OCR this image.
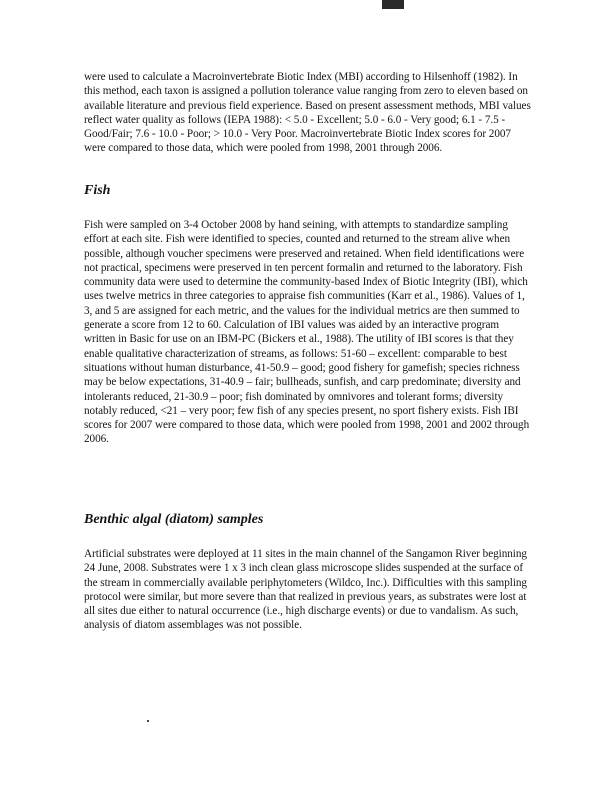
were used to calculate a Macroinvertebrate Biotic Index (MBI) according to Hilsenhoff (1982). In this method, each taxon is assigned a pollution tolerance value ranging from zero to eleven based on available literature and previous field experience. Based on present assessment methods, MBI values reflect water quality as follows (IEPA 1988): < 5.0 - Excellent; 5.0 - 6.0 - Very good; 6.1 - 7.5 - Good/Fair; 7.6 - 10.0 - Poor; > 10.0 - Very Poor. Macroinvertebrate Biotic Index scores for 2007 were compared to those data, which were pooled from 1998, 2001 through 2006.

Fish

Fish were sampled on 3-4 October 2008 by hand seining, with attempts to standardize sampling effort at each site. Fish were identified to species, counted and returned to the stream alive when possible, although voucher specimens were preserved and retained. When field identifications were not practical, specimens were preserved in ten percent formalin and returned to the laboratory. Fish community data were used to determine the community-based Index of Biotic Integrity (IBI), which uses twelve metrics in three categories to appraise fish communities (Karr et al., 1986). Values of 1, 3, and 5 are assigned for each metric, and the values for the individual metrics are then summed to generate a score from 12 to 60. Calculation of IBI values was aided by an interactive program written in Basic for use on an IBM-PC (Bickers et al., 1988). The utility of IBI scores is that they enable qualitative characterization of streams, as follows: 51-60 – excellent: comparable to best situations without human disturbance, 41-50.9 – good; good fishery for gamefish; species richness may be below expectations, 31-40.9 – fair; bullheads, sunfish, and carp predominate; diversity and intolerants reduced, 21-30.9 – poor; fish dominated by omnivores and tolerant forms; diversity notably reduced, <21 – very poor; few fish of any species present, no sport fishery exists. Fish IBI scores for 2007 were compared to those data, which were pooled from 1998, 2001 and 2002 through 2006.

Benthic algal (diatom) samples

Artificial substrates were deployed at 11 sites in the main channel of the Sangamon River beginning 24 June, 2008. Substrates were 1 x 3 inch clean glass microscope slides suspended at the surface of the stream in commercially available periphytometers (Wildco, Inc.). Difficulties with this sampling protocol were similar, but more severe than that realized in previous years, as substrates were lost at all sites due either to natural occurrence (i.e., high discharge events) or due to vandalism. As such, analysis of diatom assemblages was not possible.
